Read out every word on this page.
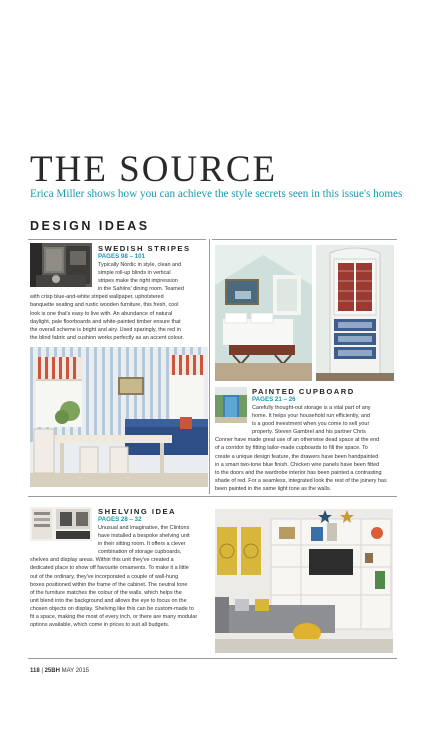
THE SOURCE
Erica Miller shows how you can achieve the style secrets seen in this issue's homes
DESIGN IDEAS
SWEDISH STRIPES
PAGES 98 – 101
Typically Nordic in style, clean and
simple roll-up blinds in vertical
stripes make the right impression
in the Sahlins' dining room. Teamed
with crisp blue-and-white striped wallpaper, upholstered
banquette seating and rustic wooden furniture, this fresh, cool
look is one that's easy to live with. An abundance of natural
daylight, pale floorboards and white-painted timber ensure that
the overall scheme is bright and airy. Used sparingly, the red in
the blind fabric and cushion works perfectly as an accent colour.
PAINTED CUPBOARD
PAGES 21 – 26
Carefully thought-out storage is a vital part of any
home. It helps your household run efficiently, and
is a good investment when you come to sell your
property. Steven Gambrel and his partner Chris
Conner have made great use of an otherwise dead space at the end
of a corridor by fitting tailor-made cupboards to fill the space. To
create a unique design feature, the drawers have been handpainted
in a smart two-tone blue finish. Chicken wire panels have been fitted
to the doors and the wardrobe interior has been painted a contrasting
shade of red. For a seamless, integrated look the rest of the joinery has
been painted in the same light tone as the walls.
SHELVING IDEA
PAGES 28 – 32
Unusual and imaginative, the Clintons
have installed a bespoke shelving unit
in their sitting room. It offers a clever
combination of storage cupboards,
shelves and display areas. Within this unit they've created a
dedicated place to show off favourite ornaments. To make it a little
out of the ordinary, they've incorporated a couple of wall-hung
boxes positioned within the frame of the cabinet. The neutral tone
of the furniture matches the colour of the walls, which helps the
unit blend into the background and allows the eye to focus on the
chosen objects on display. Shelving like this can be custom-made to
fit a space, making the most of every inch, or there are many modular
options available, which come in prices to suit all budgets.
118 | 25BH MAY 2015
